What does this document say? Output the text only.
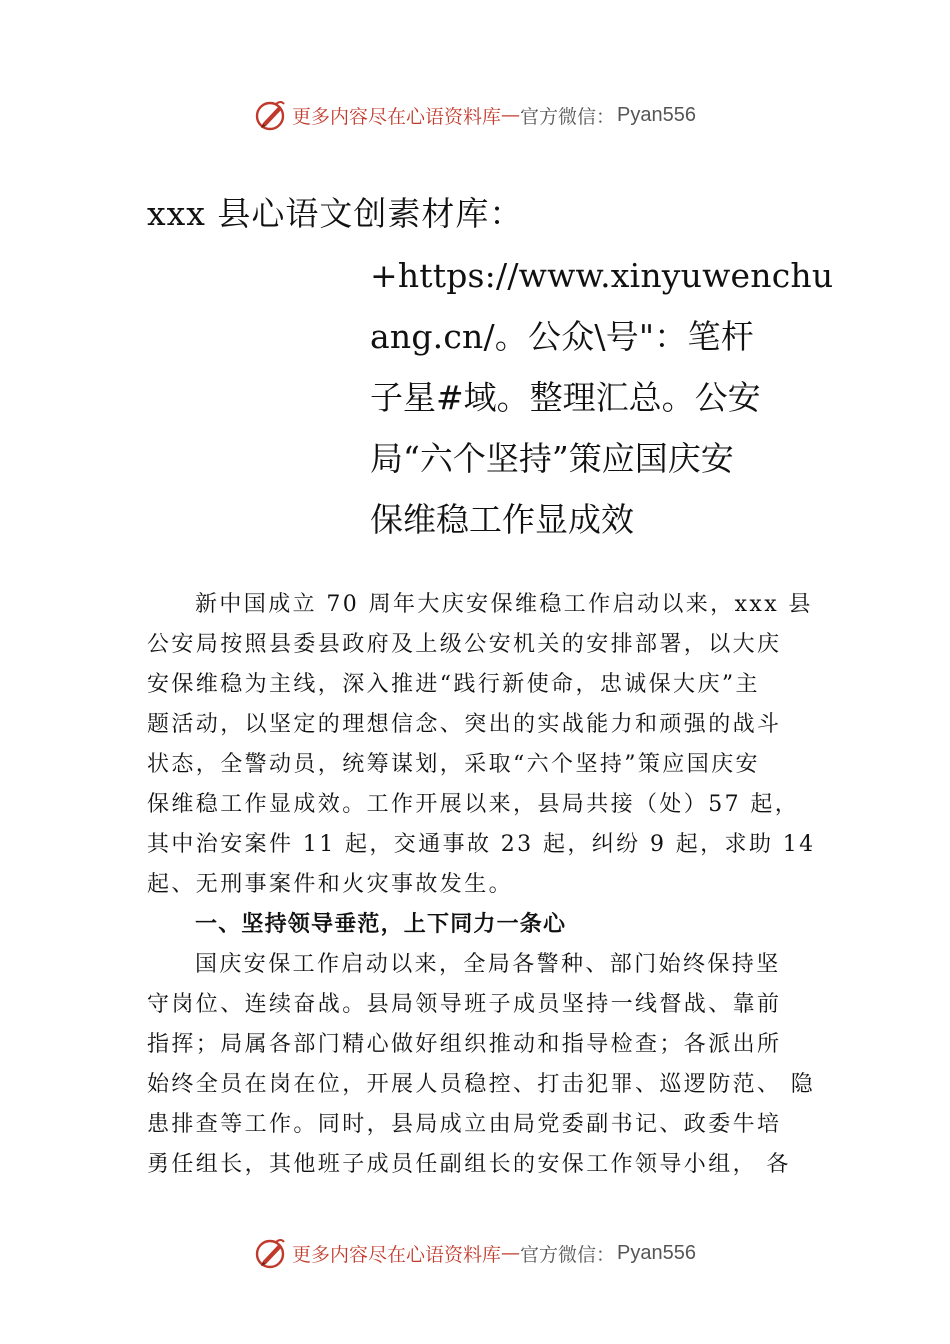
更多内容尽在心语资料库 — 官方微信： Pyan556
xxx 县心语文创素材库：
+https://www.xinyuwenchu
ang.cn/。公众\号"：笔杆
子星#域。整理汇总。公安
局“六个坚持”策应国庆安
保维稳工作显成效
新中国成立 70 周年大庆安保维稳工作启动以来，xxx 县
公安局按照县委县政府及上级公安机关的安排部署，以大庆
安保维稳为主线，深入推进“践行新使命，忠诚保大庆”主
题活动，以坚定的理想信念、突出的实战能力和顽强的战斗
状态，全警动员，统筹谋划，采取“六个坚持”策应国庆安
保维稳工作显成效。工作开展以来，县局共接（处）57 起，
其中治安案件 11 起，交通事故 23 起，纠纷 9 起，求助 14
起、无刑事案件和火灾事故发生。
一、坚持领导垂范，上下同力一条心
国庆安保工作启动以来，全局各警种、部门始终保持坚
守岗位、连续奋战。县局领导班子成员坚持一线督战、靠前
指挥；局属各部门精心做好组织推动和指导检查；各派出所
始终全员在岗在位，开展人员稳控、打击犯罪、巡逻防范、 隐
患排查等工作。同时，县局成立由局党委副书记、政委牛培
勇任组长，其他班子成员任副组长的安保工作领导小组， 各
更多内容尽在心语资料库 — 官方微信： Pyan556
